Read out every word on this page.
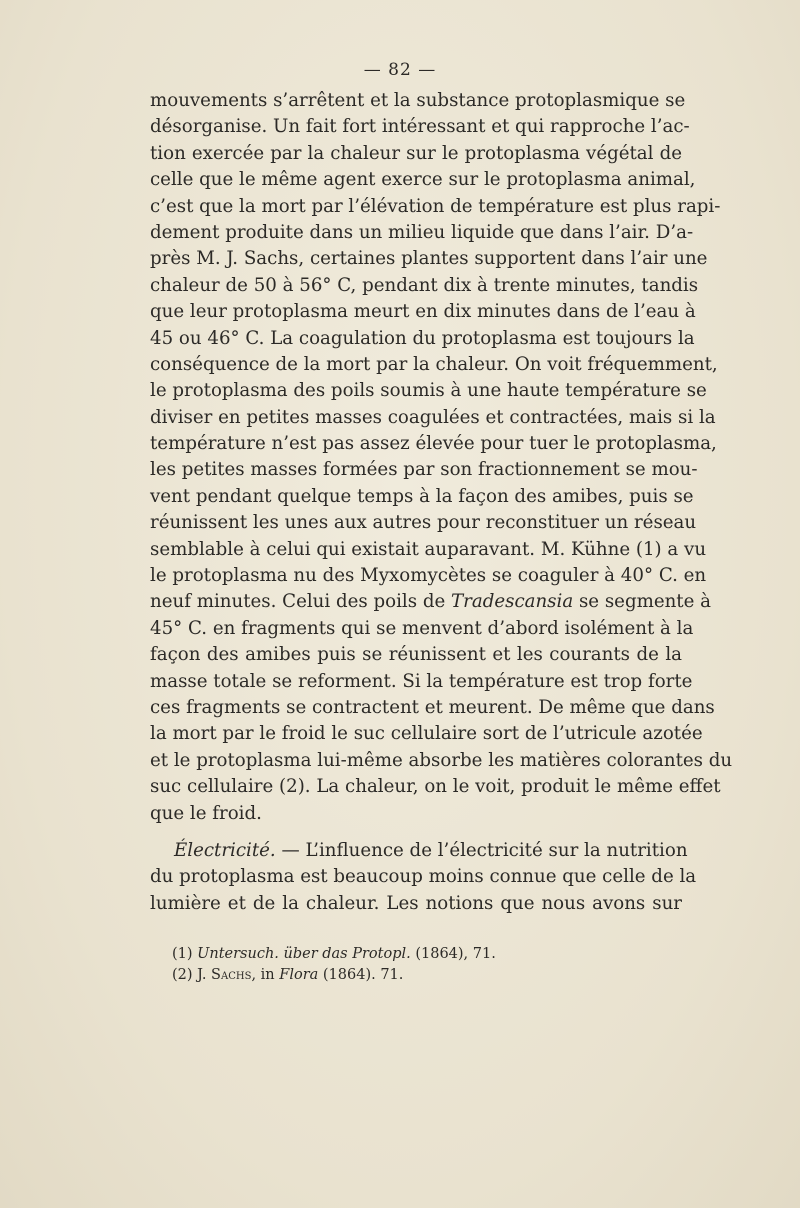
— 82 —
mouvements s’arrêtent et la substance protoplasmique se
désorganise. Un fait fort intéressant et qui rapproche l’ac-
tion exercée par la chaleur sur le protoplasma végétal de
celle que le même agent exerce sur le protoplasma animal,
c’est que la mort par l’élévation de température est plus rapi-
dement produite dans un milieu liquide que dans l’air. D’a-
près M. J. Sachs, certaines plantes supportent dans l’air une
chaleur de 50 à 56° C, pendant dix à trente minutes, tandis
que leur protoplasma meurt en dix minutes dans de l’eau à
45 ou 46° C. La coagulation du protoplasma est toujours la
conséquence de la mort par la chaleur. On voit fréquemment,
le protoplasma des poils soumis à une haute température se
diviser en petites masses coagulées et contractées, mais si la
température n’est pas assez élevée pour tuer le protoplasma,
les petites masses formées par son fractionnement se mou-
vent pendant quelque temps à la façon des amibes, puis se
réunissent les unes aux autres pour reconstituer un réseau
semblable à celui qui existait auparavant. M. Kühne (1) a vu
le protoplasma nu des Myxomycètes se coaguler à 40° C. en
neuf minutes. Celui des poils de Tradescansia se segmente à
45° C. en fragments qui se menvent d’abord isolément à la
façon des amibes puis se réunissent et les courants de la
masse totale se reforment. Si la température est trop forte
ces fragments se contractent et meurent. De même que dans
la mort par le froid le suc cellulaire sort de l’utricule azotée
et le protoplasma lui-même absorbe les matières colorantes du
suc cellulaire (2). La chaleur, on le voit, produit le même effet
que le froid.
Électricité. — L’influence de l’électricité sur la nutrition
du protoplasma est beaucoup moins connue que celle de la
lumière et de la chaleur. Les notions que nous avons sur
(1) Untersuch. über das Protopl. (1864), 71.
(2) J. Sachs, in Flora (1864). 71.
